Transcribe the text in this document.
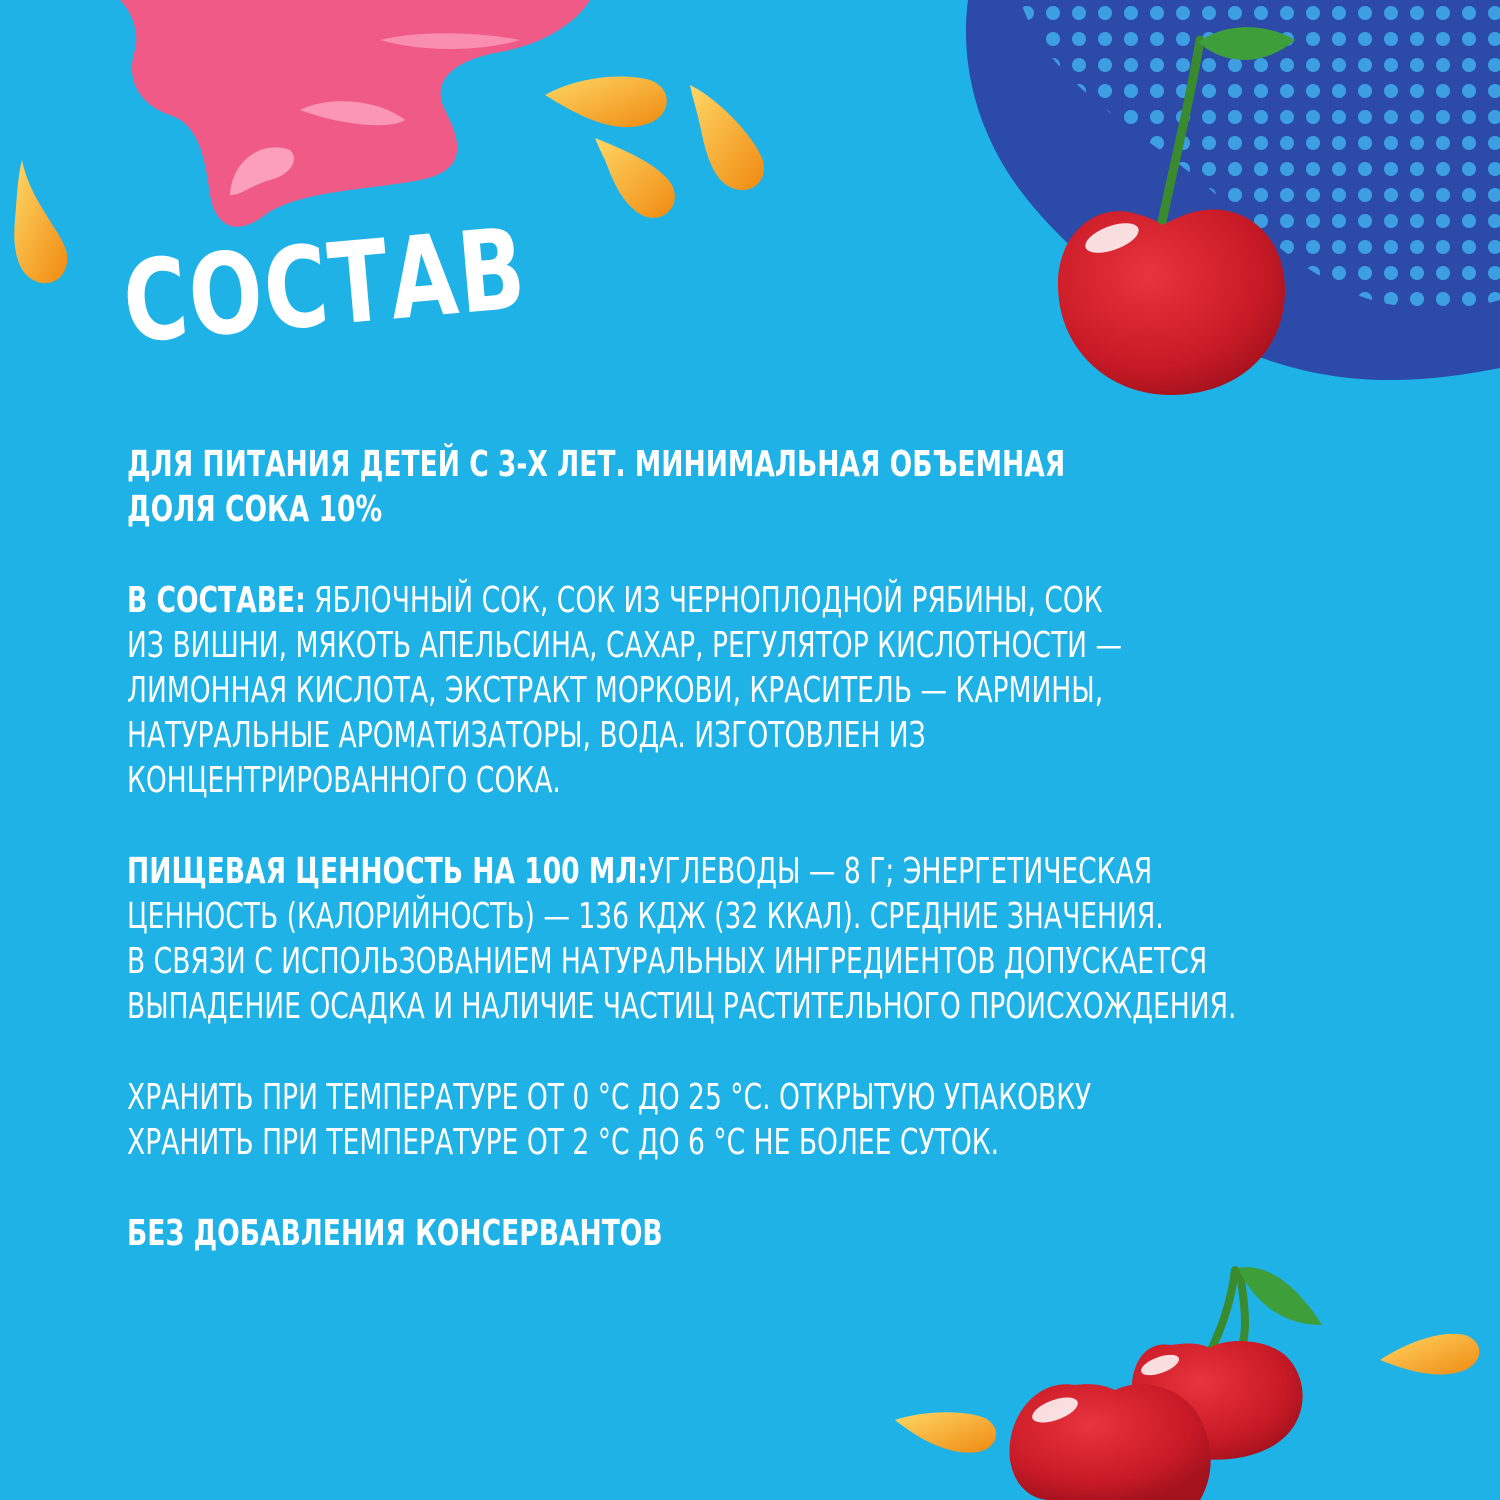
СОСТАВ

ДЛЯ ПИТАНИЯ ДЕТЕЙ С 3-Х ЛЕТ. МИНИМАЛЬНАЯ ОБЪЕМНАЯ
ДОЛЯ СОКА 10%

В СОСТАВЕ: ЯБЛОЧНЫЙ СОК, СОК ИЗ ЧЕРНОПЛОДНОЙ РЯБИНЫ, СОК
ИЗ ВИШНИ, МЯКОТЬ АПЕЛЬСИНА, САХАР, РЕГУЛЯТОР КИСЛОТНОСТИ —
ЛИМОННАЯ КИСЛОТА, ЭКСТРАКТ МОРКОВИ, КРАСИТЕЛЬ — КАРМИНЫ,
НАТУРАЛЬНЫЕ АРОМАТИЗАТОРЫ, ВОДА. ИЗГОТОВЛЕН ИЗ
КОНЦЕНТРИРОВАННОГО СОКА.

ПИЩЕВАЯ ЦЕННОСТЬ НА 100 МЛ:УГЛЕВОДЫ — 8 Г; ЭНЕРГЕТИЧЕСКАЯ
ЦЕННОСТЬ (КАЛОРИЙНОСТЬ) — 136 КДЖ (32 ККАЛ). СРЕДНИЕ ЗНАЧЕНИЯ.
В СВЯЗИ С ИСПОЛЬЗОВАНИЕМ НАТУРАЛЬНЫХ ИНГРЕДИЕНТОВ ДОПУСКАЕТСЯ
ВЫПАДЕНИЕ ОСАДКА И НАЛИЧИЕ ЧАСТИЦ РАСТИТЕЛЬНОГО ПРОИСХОЖДЕНИЯ.

ХРАНИТЬ ПРИ ТЕМПЕРАТУРЕ ОТ 0 °С ДО 25 °С. ОТКРЫТУЮ УПАКОВКУ
ХРАНИТЬ ПРИ ТЕМПЕРАТУРЕ ОТ 2 °С ДО 6 °С НЕ БОЛЕЕ СУТОК.

БЕЗ ДОБАВЛЕНИЯ КОНСЕРВАНТОВ
